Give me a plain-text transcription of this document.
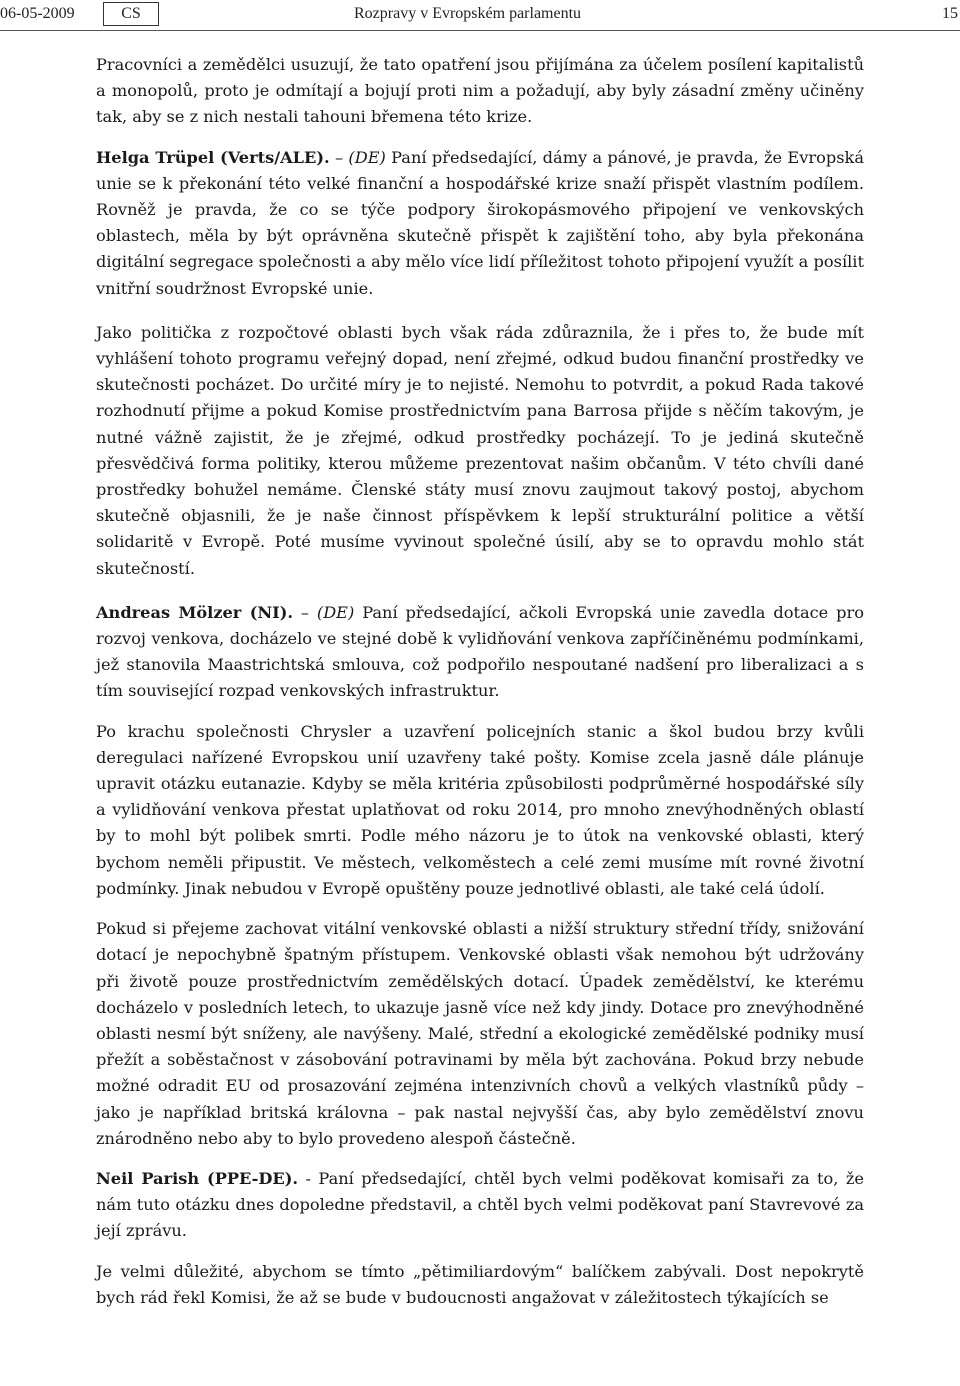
06-05-2009	CS	Rozpravy v Evropském parlamentu	15

Pracovníci a zemědělci usuzují, že tato opatření jsou přijímána za účelem posílení kapitalistů a monopolů, proto je odmítají a bojují proti nim a požadují, aby byly zásadní změny učiněny tak, aby se z nich nestali tahouni břemena této krize.

Helga Trüpel (Verts/ALE). – (DE) Paní předsedající, dámy a pánové, je pravda, že Evropská unie se k překonání této velké finanční a hospodářské krize snaží přispět vlastním podílem. Rovněž je pravda, že co se týče podpory širokopásmového připojení ve venkovských oblastech, měla by být oprávněna skutečně přispět k zajištění toho, aby byla překonána digitální segregace společnosti a aby mělo více lidí příležitost tohoto připojení využít a posílit vnitřní soudržnost Evropské unie.

Jako politička z rozpočtové oblasti bych však ráda zdůraznila, že i přes to, že bude mít vyhlášení tohoto programu veřejný dopad, není zřejmé, odkud budou finanční prostředky ve skutečnosti pocházet. Do určité míry je to nejisté. Nemohu to potvrdit, a pokud Rada takové rozhodnutí přijme a pokud Komise prostřednictvím pana Barrosa přijde s něčím takovým, je nutné vážně zajistit, že je zřejmé, odkud prostředky pocházejí. To je jediná skutečně přesvědčivá forma politiky, kterou můžeme prezentovat našim občanům. V této chvíli dané prostředky bohužel nemáme. Členské státy musí znovu zaujmout takový postoj, abychom skutečně objasnili, že je naše činnost příspěvkem k lepší strukturální politice a větší solidaritě v Evropě. Poté musíme vyvinout společné úsilí, aby se to opravdu mohlo stát skutečností.

Andreas Mölzer (NI). – (DE) Paní předsedající, ačkoli Evropská unie zavedla dotace pro rozvoj venkova, docházelo ve stejné době k vylidňování venkova zapříčiněnému podmínkami, jež stanovila Maastrichtská smlouva, což podpořilo nespoutané nadšení pro liberalizaci a s tím související rozpad venkovských infrastruktur.

Po krachu společnosti Chrysler a uzavření policejních stanic a škol budou brzy kvůli deregulaci nařízené Evropskou unií uzavřeny také pošty. Komise zcela jasně dále plánuje upravit otázku eutanazie. Kdyby se měla kritéria způsobilosti podprůměrné hospodářské síly a vylidňování venkova přestat uplatňovat od roku 2014, pro mnoho znevýhodněných oblastí by to mohl být polibek smrti. Podle mého názoru je to útok na venkovské oblasti, který bychom neměli připustit. Ve městech, velkoměstech a celé zemi musíme mít rovné životní podmínky. Jinak nebudou v Evropě opuštěny pouze jednotlivé oblasti, ale také celá údolí.

Pokud si přejeme zachovat vitální venkovské oblasti a nižší struktury střední třídy, snižování dotací je nepochybně špatným přístupem. Venkovské oblasti však nemohou být udržovány při životě pouze prostřednictvím zemědělských dotací. Úpadek zemědělství, ke kterému docházelo v posledních letech, to ukazuje jasně více než kdy jindy. Dotace pro znevýhodněné oblasti nesmí být sníženy, ale navýšeny. Malé, střední a ekologické zemědělské podniky musí přežít a soběstačnost v zásobování potravinami by měla být zachována. Pokud brzy nebude možné odradit EU od prosazování zejména intenzivních chovů a velkých vlastníků půdy – jako je například britská královna – pak nastal nejvyšší čas, aby bylo zemědělství znovu znárodněno nebo aby to bylo provedeno alespoň částečně.

Neil Parish (PPE-DE). - Paní předsedající, chtěl bych velmi poděkovat komisaři za to, že nám tuto otázku dnes dopoledne představil, a chtěl bych velmi poděkovat paní Stavrevové za její zprávu.

Je velmi důležité, abychom se tímto „pětimiliardovým“ balíčkem zabývali. Dost nepokrytě bych rád řekl Komisi, že až se bude v budoucnosti angažovat v záležitostech týkajících se
